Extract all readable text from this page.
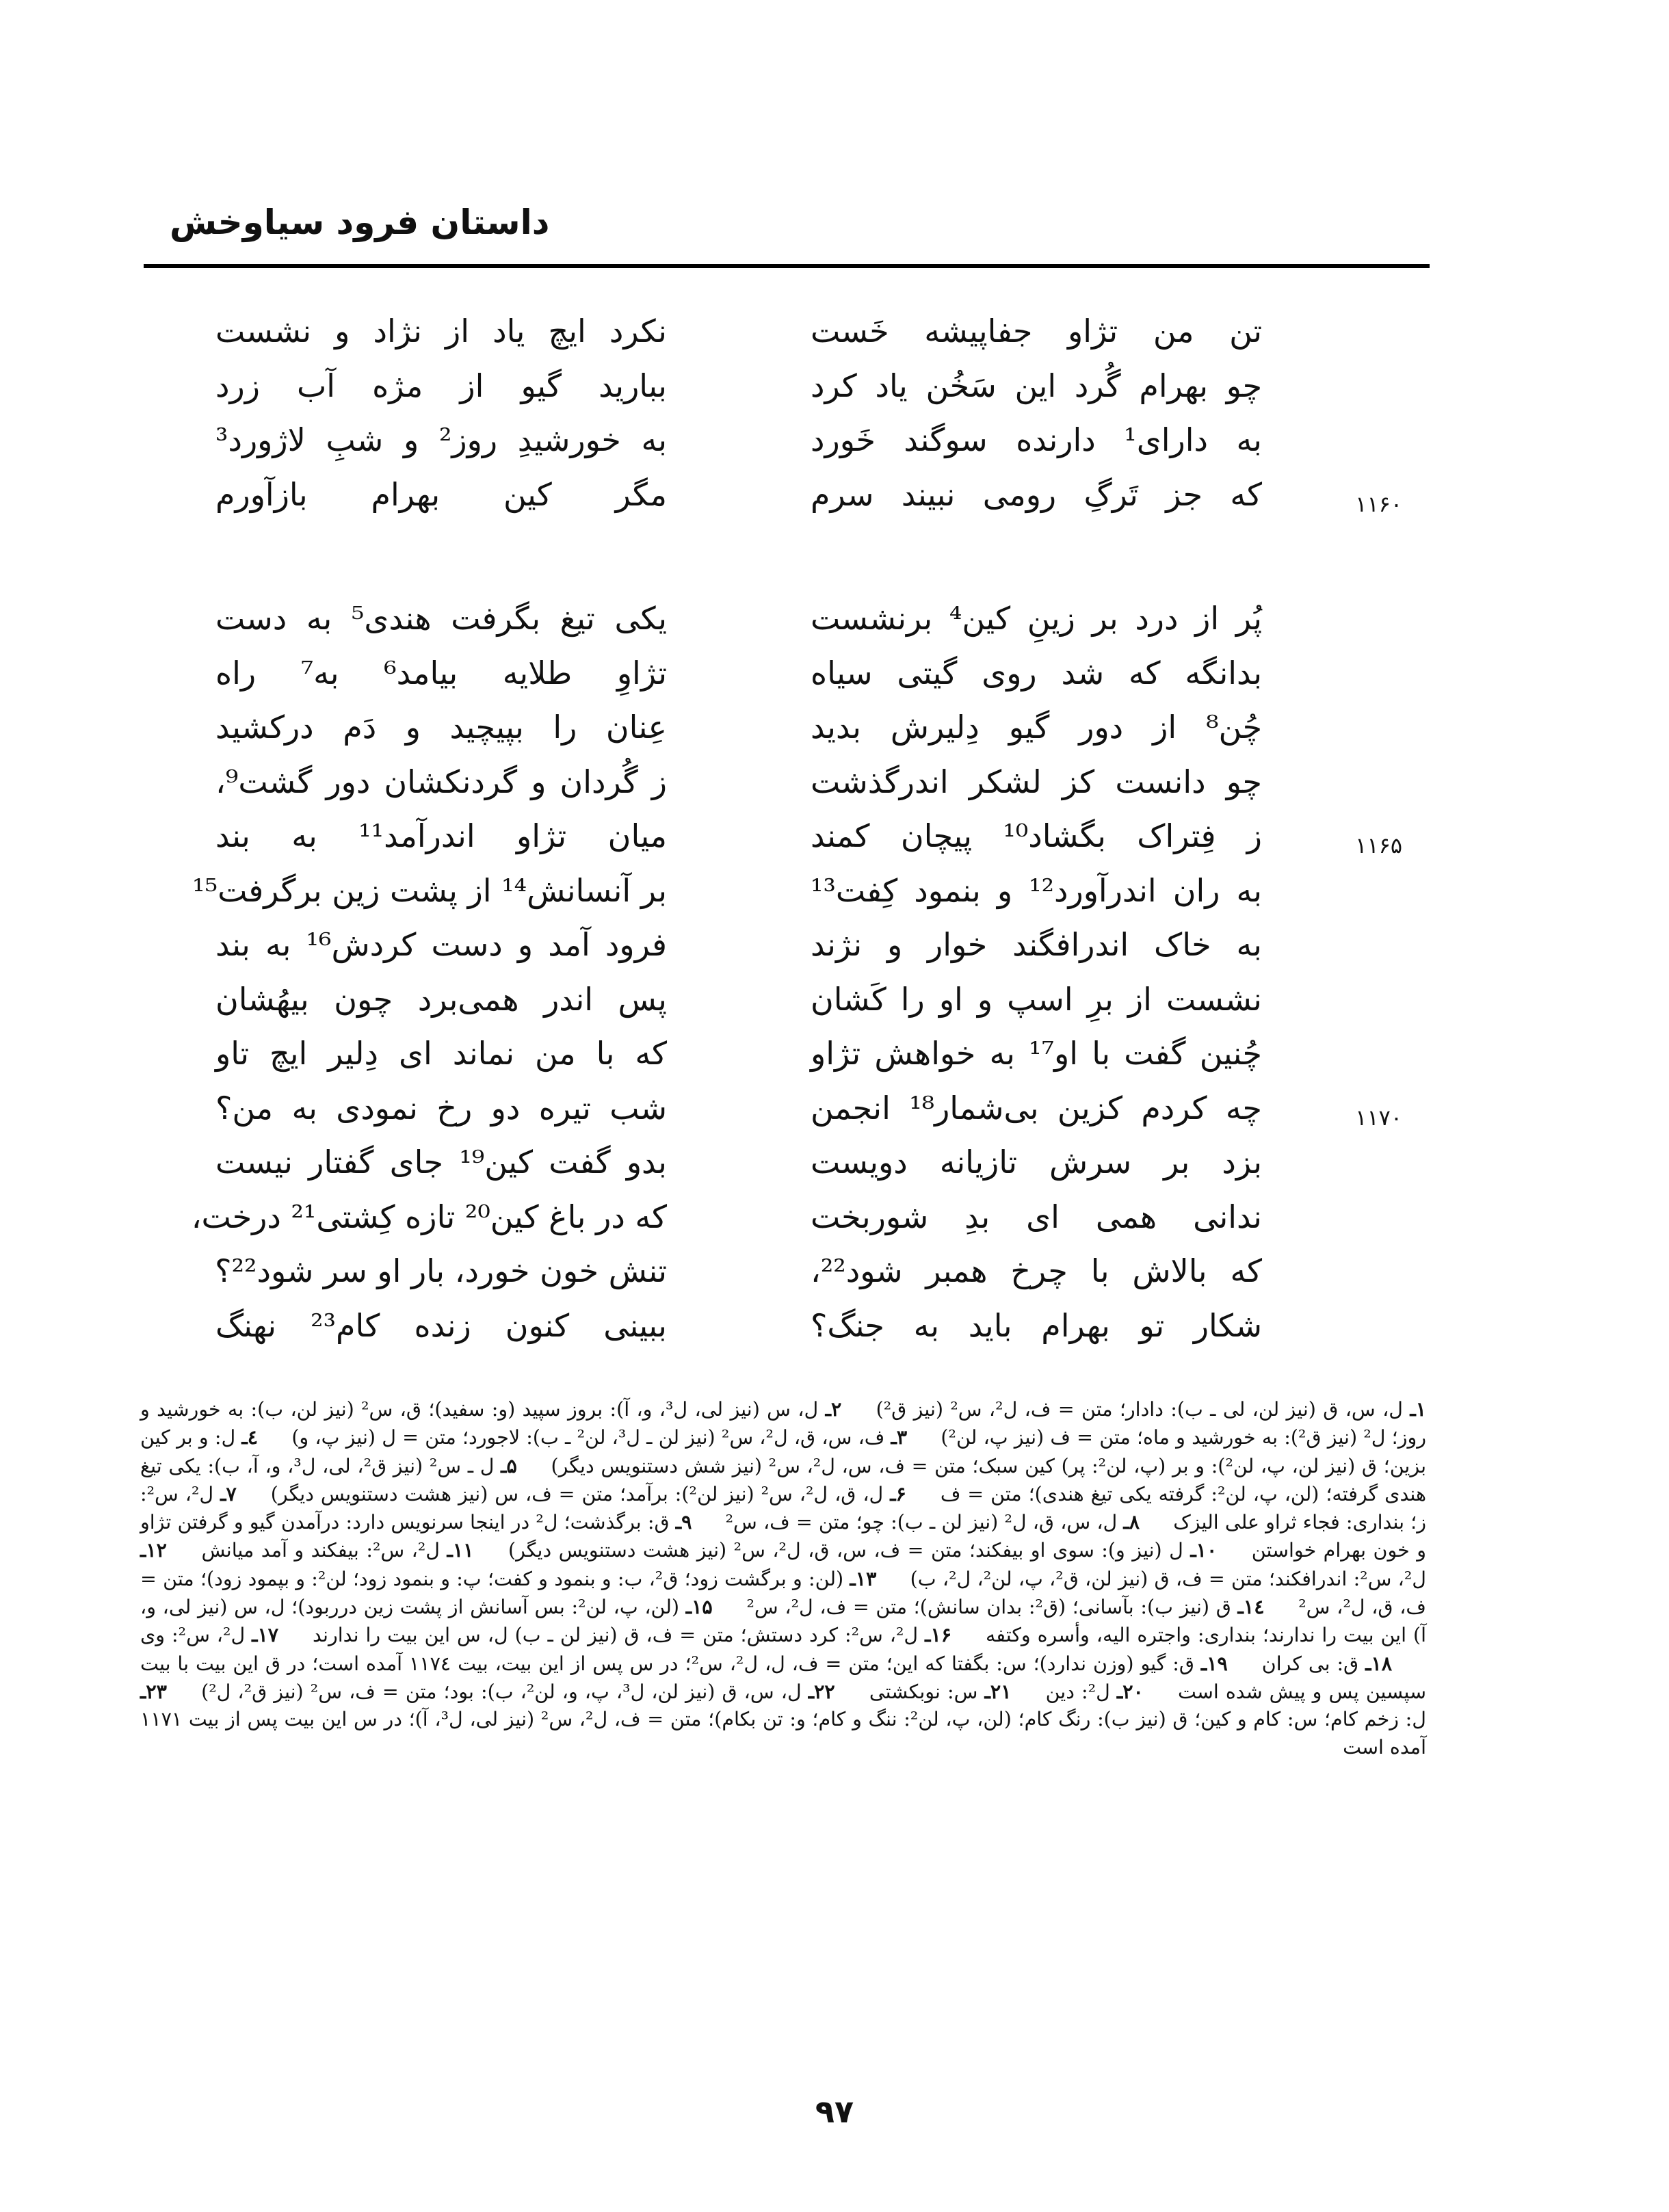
داستان فرود سیاوخش
تن من تژاو جفاپیشه خَست
نکرد ایچ یاد از نژاد و نشست
چو بهرام گُرد این سَخُن یاد کرد
ببارید گیو از مژه آب زرد
به دارای¹ دارنده سوگند خَورد
به خورشیدِ روز² و شبِ لاژورد³
۱۱۶۰
که جز تَرگِ رومی نبیند سرم
مگر کین بهرام بازآورم
پُر از درد بر زینِ کین⁴ برنشست
یکی تیغ بگرفت هندی⁵ به دست
بدانگه که شد روی گیتی سیاه
تژاوِ طلایه بیامد⁶ به⁷ راه
چُن⁸ از دور گیو دِلیرش بدید
عِنان را بپیچید و دَم درکشید
چو دانست کز لشکر اندرگذشت
ز گُردان و گردنکشان دور گشت⁹،
۱۱۶۵
ز فِتراک بگشاد¹⁰ پیچان کمند
میان تژاو اندرآمد¹¹ به بند
به ران اندرآورد¹² و بنمود کِفت¹³
بر آنسانش¹⁴ از پشت زین برگرفت¹⁵
به خاک اندرافگند خوار و نژند
فرود آمد و دست کردش¹⁶ به بند
نشست از برِ اسپ و او را کَشان
پس اندر همی‌برد چون بیهُشان
چُنین گفت با او¹⁷ به خواهش تژاو
که با من نماند ای دِلیر ایچ تاو
۱۱۷۰
چه کردم کزین بی‌شمار¹⁸ انجمن
شب تیره دو رخ نمودی به من؟
بزد بر سرش تازیانه دویست
بدو گفت کین¹⁹ جای گفتار نیست
ندانی همی ای بدِ شوربخت
که در باغ کین²⁰ تازه کِشتی²¹ درخت،
که بالاش با چرخ همبر شود²²،
تنش خون خورد، بار او سر شود²²؟
شکار تو بهرام باید به جنگ؟
ببینی کنون زنده کام²³ نهنگ
۱ـ ل، س، ق (نیز لن، لی ـ ب): دادار؛ متن = ف، ل²، س² (نیز ق²) ۲ـ ل، س (نیز لی، ل³، و، آ): بروز سپید (و: سفید)؛ ق، س² (نیز لن، ب): به خورشید و روز؛ ل² (نیز ق²): به خورشید و ماه؛ متن = ف (نیز پ، لن²) ۳ـ ف، س، ق، ل²، س² (نیز لن ـ ل³، لن² ـ ب): لاجورد؛ متن = ل (نیز پ، و) ٤ـ ل: و بر کین بزین؛ ق (نیز لن، پ، لن²): و بر (پ، لن²: پر) کین سبک؛ متن = ف، س، ل²، س² (نیز شش دستنویس دیگر) ۵ـ ل ـ س² (نیز ق²، لی، ل³، و، آ، ب): یکی تیغ هندی گرفته؛ (لن، پ، لن²: گرفته یکی تیغ هندی)؛ متن = ف ۶ـ ل، ق، ل²، س² (نیز لن²): برآمد؛ متن = ف، س (نیز هشت دستنویس دیگر) ۷ـ ل²، س²: ز؛ بنداری: فجاء ثراو علی الیزک ۸ـ ل، س، ق، ل² (نیز لن ـ ب): چو؛ متن = ف، س² ۹ـ ق: برگذشت؛ ل² در اینجا سرنویس دارد: درآمدن گیو و گرفتن تژاو و خون بهرام خواستن ۱۰ـ ل (نیز و): سوی او بیفکند؛ متن = ف، س، ق، ل²، س² (نیز هشت دستنویس دیگر) ۱۱ـ ل²، س²: بیفکند و آمد میانش ۱۲ـ ل²، س²: اندرافکند؛ متن = ف، ق (نیز لن، ق²، پ، لن²، ل²، ب) ۱۳ـ (لن: و برگشت زود؛ ق²، ب: و بنمود و کفت؛ پ: و بنمود زود؛ لن²: و بپمود زود)؛ متن = ف، ق، ل²، س² ۱٤ـ ق (نیز ب): بآسانی؛ (ق²: بدان سانش)؛ متن = ف، ل²، س² ۱۵ـ (لن، پ، لن²: بس آسانش از پشت زین درربود)؛ ل، س (نیز لی، و، آ) این بیت را ندارند؛ بنداری: واجتره الیه، وأسره وکتفه ۱۶ـ ل²، س²: کرد دستش؛ متن = ف، ق (نیز لن ـ ب) ل، س این بیت را ندارند ۱۷ـ ل²، س²: وی ۱۸ـ ق: بی کران ۱۹ـ ق: گیو (وزن ندارد)؛ س: بگفتا که این؛ متن = ف، ل، ل²، س²؛ در س پس از این بیت، بیت ۱۱۷٤ آمده است؛ در ق این بیت با بیت سپسین پس و پیش شده است ۲۰ـ ل²: دین ۲۱ـ س: نوبکشتی ۲۲ـ ل، س، ق (نیز لن، ل³، پ، و، لن²، ب): بود؛ متن = ف، س² (نیز ق²، ل²) ۲۳ـ ل: زخم کام؛ س: کام و کین؛ ق (نیز ب): رنگ کام؛ (لن، پ، لن²: ننگ و کام؛ و: تن بکام)؛ متن = ف، ل²، س² (نیز لی، ل³، آ)؛ در س این بیت پس از بیت ۱۱۷۱ آمده است
۹۷
